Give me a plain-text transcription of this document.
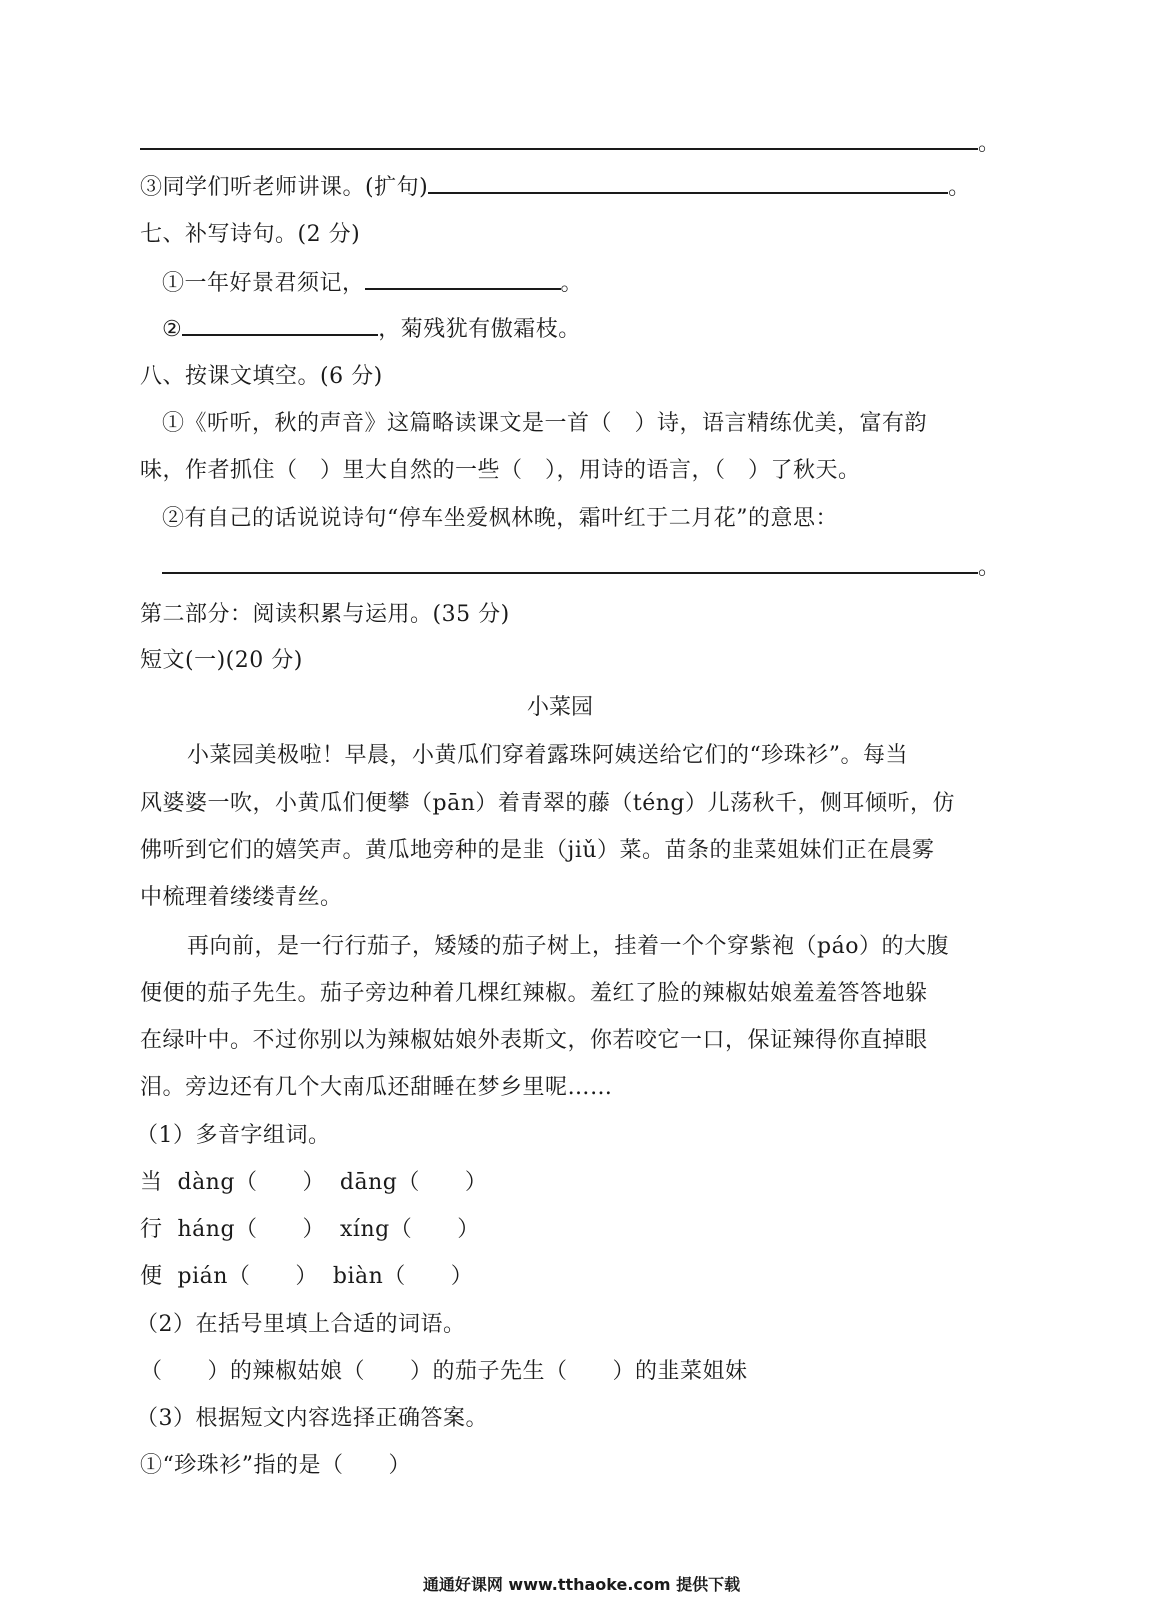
。
③同学们听老师讲课。(扩句)	。
七、补写诗句。(2 分)
①一年好景君须记，	。
②	，菊残犹有傲霜枝。
八、按课文填空。(6 分)
①《听听，秋的声音》这篇略读课文是一首（　）诗，语言精练优美，富有韵
味，作者抓住（　）里大自然的一些（　），用诗的语言，（　）了秋天。
②有自己的话说说诗句“停车坐爱枫林晚，霜叶红于二月花”的意思：
。
第二部分：阅读积累与运用。(35 分)
短文(一)(20 分)
小菜园
小菜园美极啦！早晨，小黄瓜们穿着露珠阿姨送给它们的“珍珠衫”。每当
风婆婆一吹，小黄瓜们便攀（pān）着青翠的藤（téng）儿荡秋千，侧耳倾听，仿
佛听到它们的嬉笑声。黄瓜地旁种的是韭（jiǔ）菜。苗条的韭菜姐妹们正在晨雾
中梳理着缕缕青丝。
再向前，是一行行茄子，矮矮的茄子树上，挂着一个个穿紫袍（páo）的大腹
便便的茄子先生。茄子旁边种着几棵红辣椒。羞红了脸的辣椒姑娘羞羞答答地躲
在绿叶中。不过你别以为辣椒姑娘外表斯文，你若咬它一口，保证辣得你直掉眼
泪。旁边还有几个大南瓜还甜睡在梦乡里呢……
（1）多音字组词。
当  dàng（　　）  dāng（　　）
行  háng（　　）  xíng（　　）
便  pián（　　）  biàn（　　）
（2）在括号里填上合适的词语。
（　　）的辣椒姑娘（　　）的茄子先生（　　）的韭菜姐妹
（3）根据短文内容选择正确答案。
①“珍珠衫”指的是（　　）
通通好课网 www.tthaoke.com 提供下载
